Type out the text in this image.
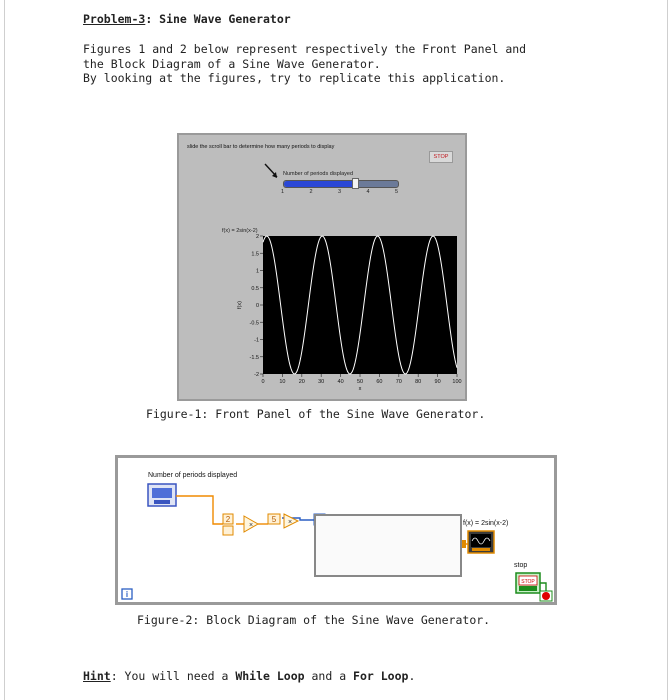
Problem-3: Sine Wave Generator
Figures 1 and 2 below represent respectively the Front Panel and
the Block Diagram of a Sine Wave Generator.
By looking at the figures, try to replicate this application.
slide the scroll bar to determine how many periods to display
STOP
Number of periods displayed
1	2	3	4	5
f(x) = 2sin(x-2)
2
1.5
1
0.5
0
-0.5
-1
-1.5
-2
0	10 20 30 40 50 60 70 80 90 100
f(x)
x
Figure-1: Front Panel of the Sine Wave Generator.
Number of periods displayed
f(x) = 2sin(x-2)
stop
2
×
5 ×
STOP
i
Figure-2: Block Diagram of the Sine Wave Generator.
Hint: You will need a While Loop and a For Loop.
